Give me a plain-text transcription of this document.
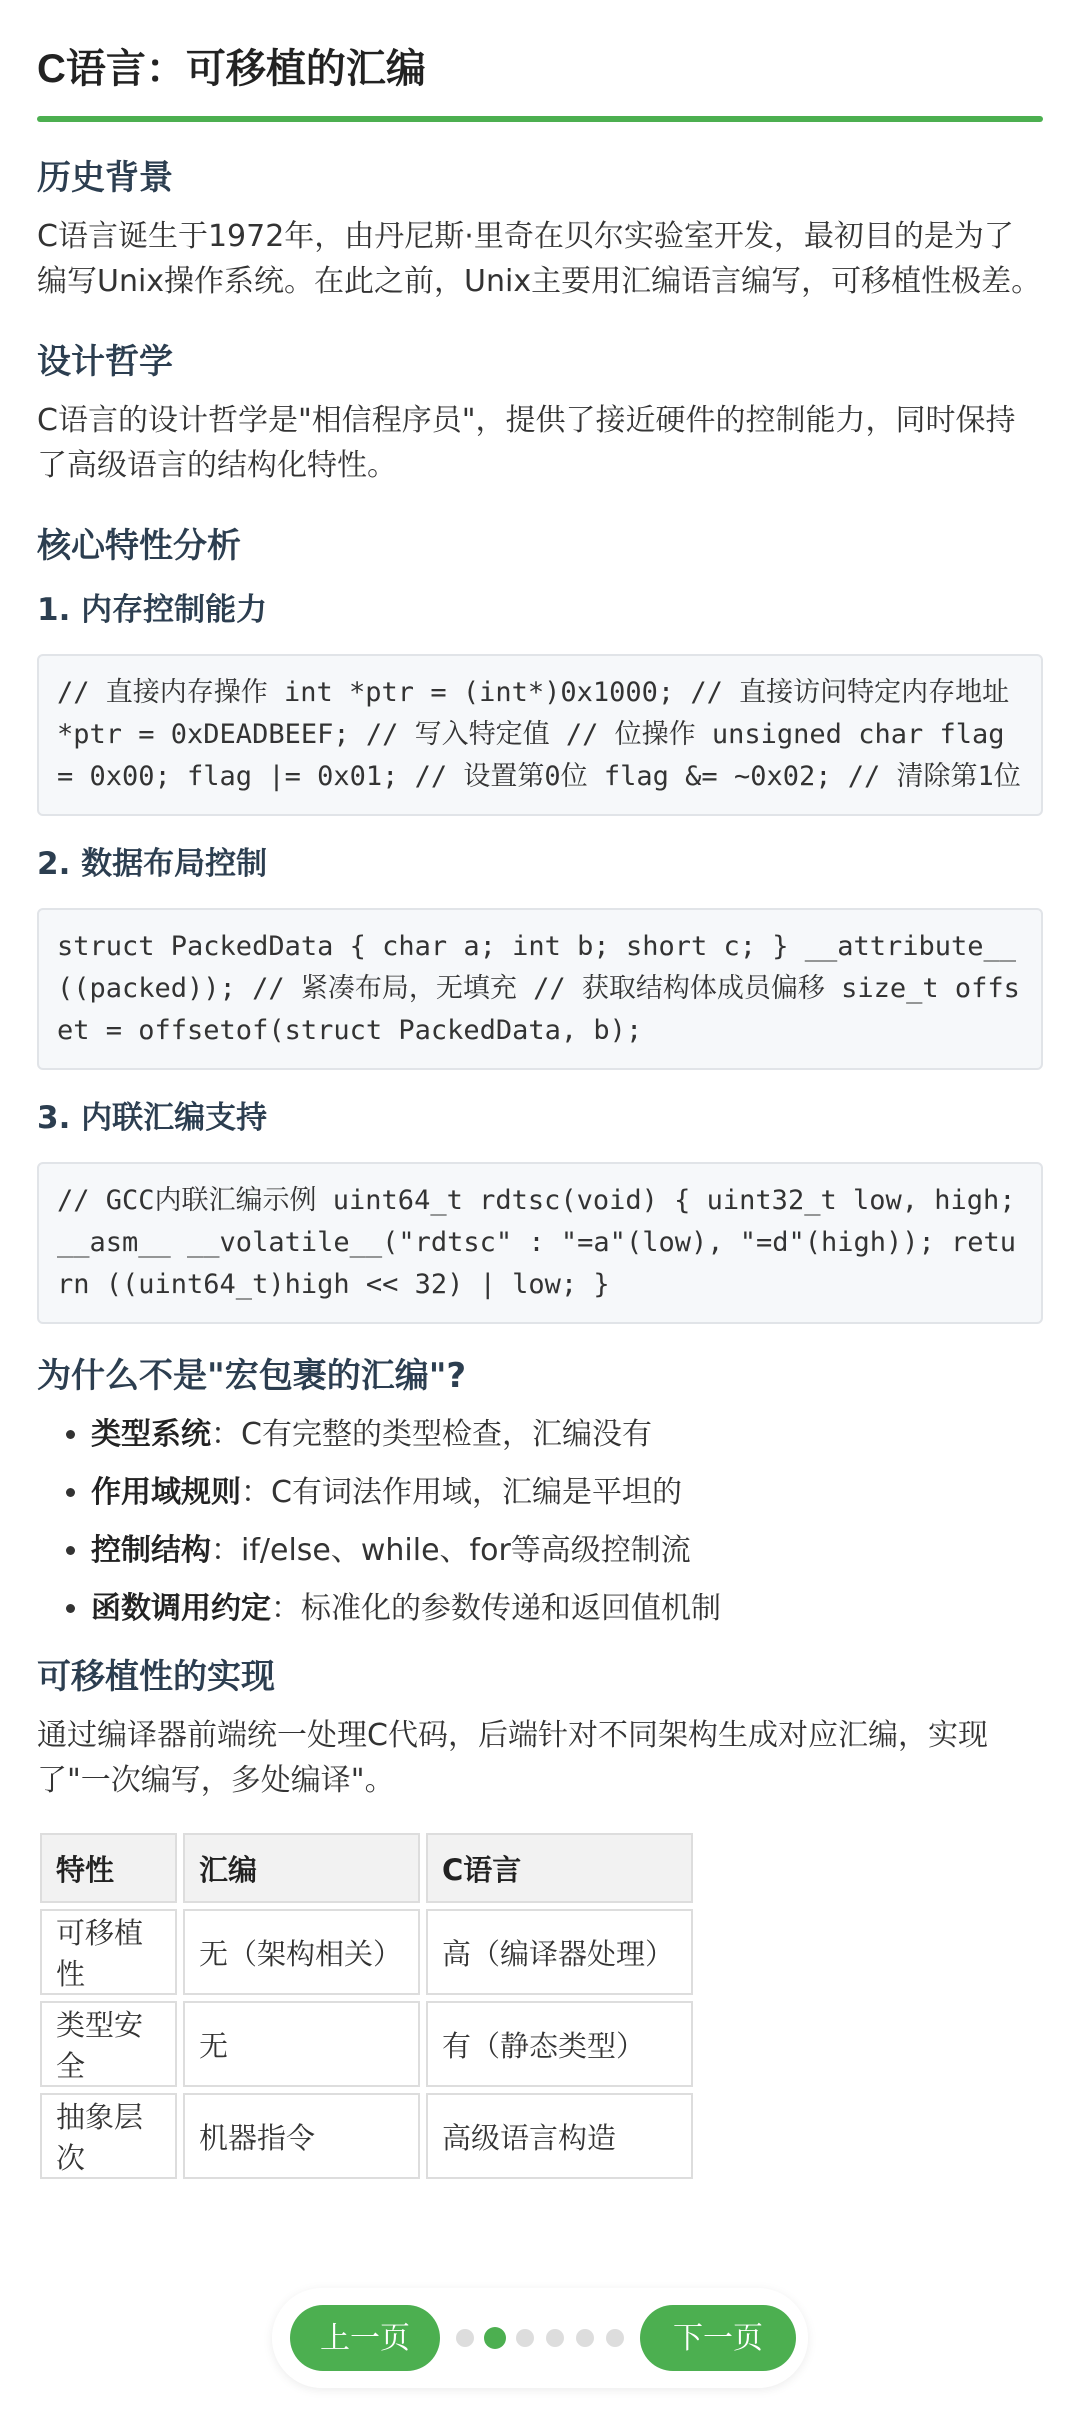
C语言：可移植的汇编
历史背景

C语言诞生于1972年，由丹尼斯·里奇在贝尔实验室开发，最初目的是为了编写Unix操作系统。在此之前，Unix主要用汇编语言编写，可移植性极差。

设计哲学

C语言的设计哲学是"相信程序员"，提供了接近硬件的控制能力，同时保持了高级语言的结构化特性。

核心特性分析
1. 内存控制能力
// 直接内存操作 int *ptr = (int*)0x1000; // 直接访问特定内存地址 *ptr = 0xDEADBEEF; // 写入特定值 // 位操作 unsigned char flag = 0x00; flag |= 0x01; // 设置第0位 flag &= ~0x02; // 清除第1位
2. 数据布局控制
struct PackedData { char a; int b; short c; } __attribute__((packed)); // 紧凑布局，无填充 // 获取结构体成员偏移 size_t offset = offsetof(struct PackedData, b);
3. 内联汇编支持
// GCC内联汇编示例 uint64_t rdtsc(void) { uint32_t low, high; __asm__ __volatile__("rdtsc" : "=a"(low), "=d"(high)); return ((uint64_t)high << 32) | low; }
为什么不是"宏包裹的汇编"?
• 类型系统：C有完整的类型检查，汇编没有
• 作用域规则：C有词法作用域，汇编是平坦的
• 控制结构：if/else、while、for等高级控制流
• 函数调用约定：标准化的参数传递和返回值机制
可移植性的实现

通过编译器前端统一处理C代码，后端针对不同架构生成对应汇编，实现了"一次编写，多处编译"。

特性	汇编	C语言
可移植性	无（架构相关）	高（编译器处理）
类型安全	无	有（静态类型）
抽象层次	机器指令	高级语言构造
上一页	下一页
